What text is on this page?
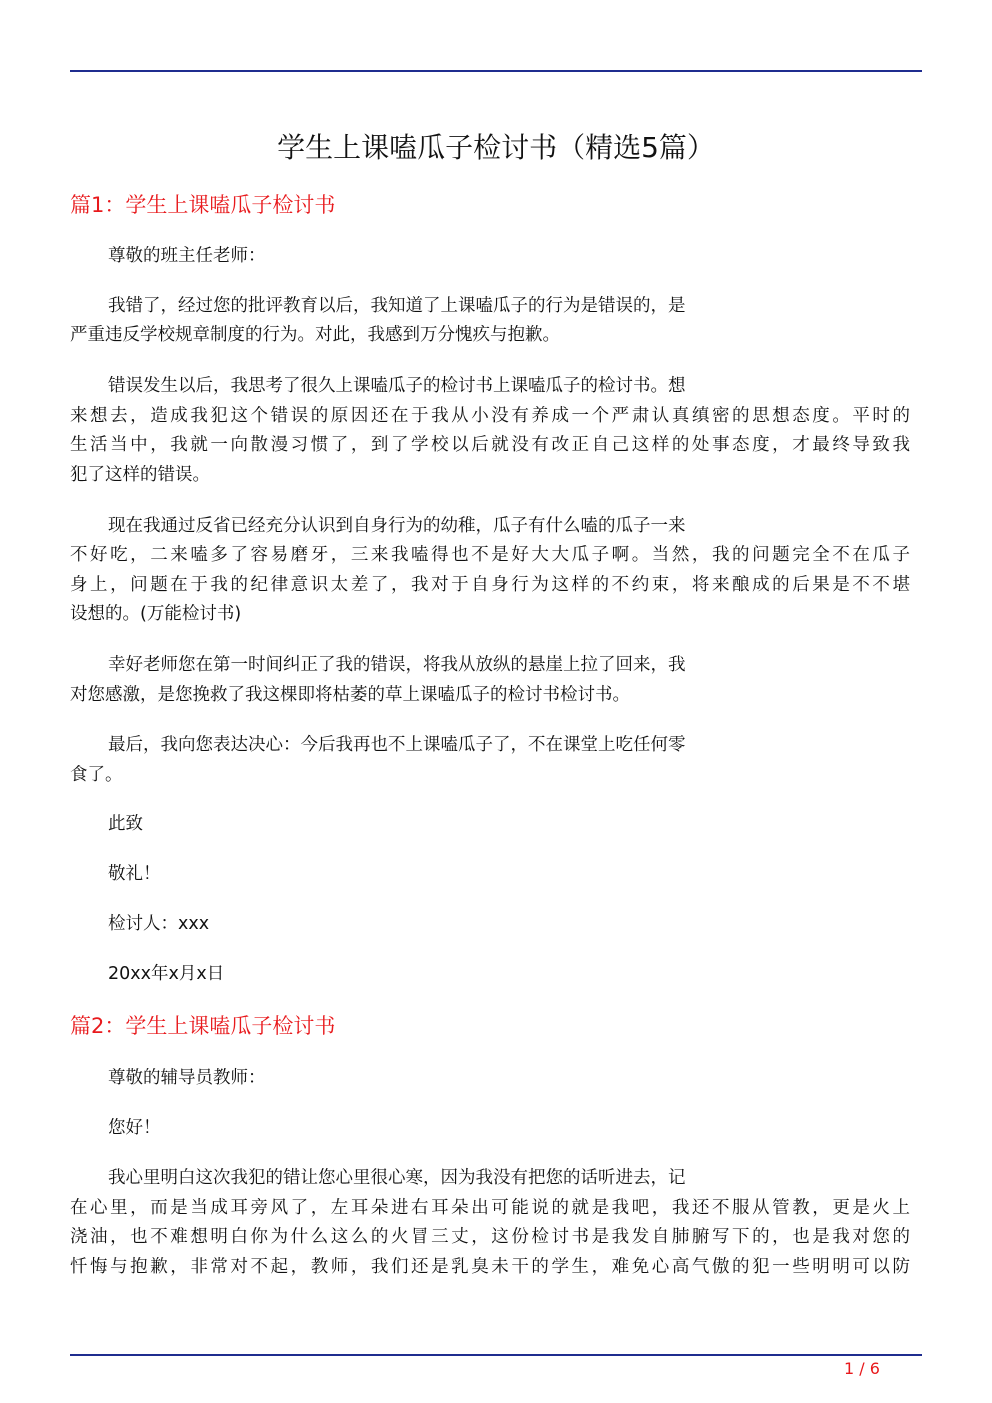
学生上课嗑瓜子检讨书（精选5篇）
篇1：学生上课嗑瓜子检讨书
尊敬的班主任老师：
我错了，经过您的批评教育以后，我知道了上课嗑瓜子的行为是错误的，是
严重违反学校规章制度的行为。对此，我感到万分愧疚与抱歉。
错误发生以后，我思考了很久上课嗑瓜子的检讨书上课嗑瓜子的检讨书。想
来想去，造成我犯这个错误的原因还在于我从小没有养成一个严肃认真缜密的思想态度。平时的
生活当中，我就一向散漫习惯了，到了学校以后就没有改正自己这样的处事态度，才最终导致我
犯了这样的错误。
现在我通过反省已经充分认识到自身行为的幼稚，瓜子有什么嗑的瓜子一来
不好吃，二来嗑多了容易磨牙，三来我嗑得也不是好大大瓜子啊。当然，我的问题完全不在瓜子
身上，问题在于我的纪律意识太差了，我对于自身行为这样的不约束，将来酿成的后果是不不堪
设想的。(万能检讨书)
幸好老师您在第一时间纠正了我的错误，将我从放纵的悬崖上拉了回来，我
对您感激，是您挽救了我这棵即将枯萎的草上课嗑瓜子的检讨书检讨书。
最后，我向您表达决心：今后我再也不上课嗑瓜子了，不在课堂上吃任何零
食了。
此致
敬礼！
检讨人：xxx
20xx年x月x日
篇2：学生上课嗑瓜子检讨书
尊敬的辅导员教师：
您好！
我心里明白这次我犯的错让您心里很心寒，因为我没有把您的话听进去，记
在心里，而是当成耳旁风了，左耳朵进右耳朵出可能说的就是我吧，我还不服从管教，更是火上
浇油，也不难想明白你为什么这么的火冒三丈，这份检讨书是我发自肺腑写下的，也是我对您的
忏悔与抱歉，非常对不起，教师，我们还是乳臭未干的学生，难免心高气傲的犯一些明明可以防
1 / 6
